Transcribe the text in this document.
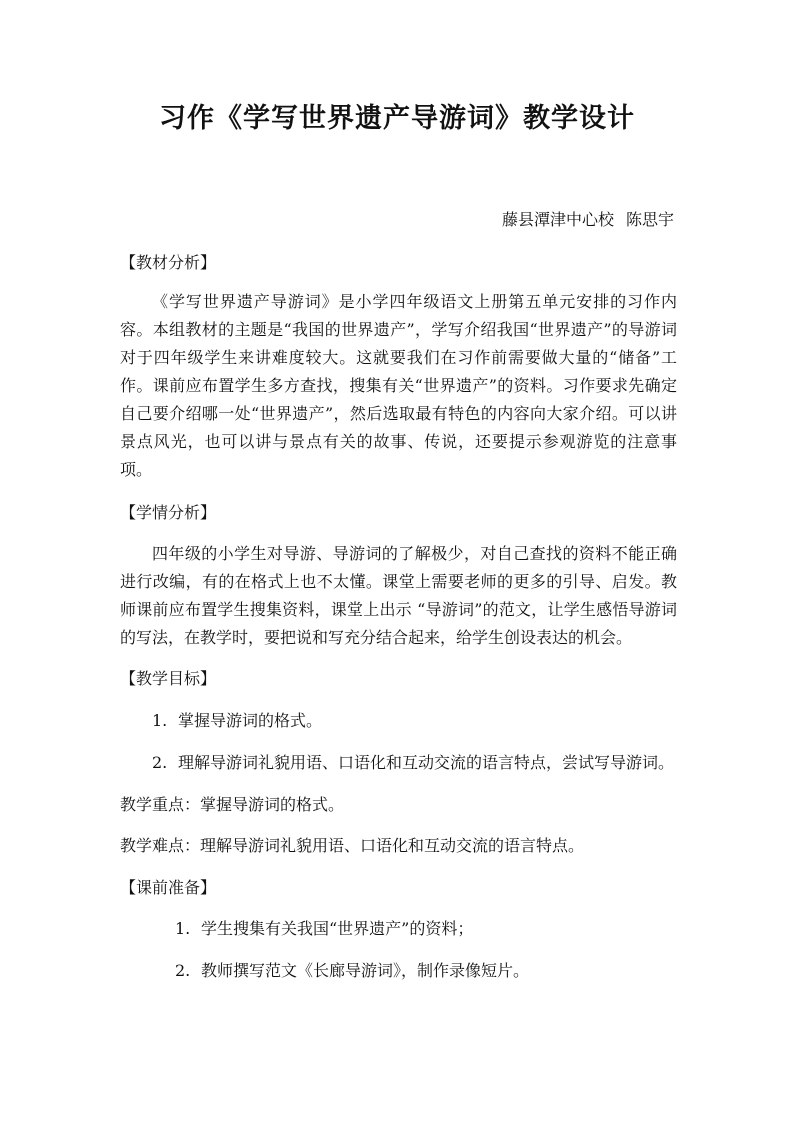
习作《学写世界遗产导游词》教学设计
藤县潭津中心校 陈思宇
【教材分析】
《学写世界遗产导游词》是小学四年级语文上册第五单元安排的习作内容。本组教材的主题是“我国的世界遗产”，学写介绍我国“世界遗产”的导游词对于四年级学生来讲难度较大。这就要我们在习作前需要做大量的“储备”工作。课前应布置学生多方查找，搜集有关“世界遗产”的资料。习作要求先确定自己要介绍哪一处“世界遗产”，然后选取最有特色的内容向大家介绍。可以讲景点风光，也可以讲与景点有关的故事、传说，还要提示参观游览的注意事项。
【学情分析】
四年级的小学生对导游、导游词的了解极少，对自己查找的资料不能正确进行改编，有的在格式上也不太懂。课堂上需要老师的更多的引导、启发。教师课前应布置学生搜集资料，课堂上出示 “导游词”的范文，让学生感悟导游词的写法，在教学时，要把说和写充分结合起来，给学生创设表达的机会。
【教学目标】
1. 掌握导游词的格式。
2. 理解导游词礼貌用语、口语化和互动交流的语言特点，尝试写导游词。
教学重点：掌握导游词的格式。
教学难点：理解导游词礼貌用语、口语化和互动交流的语言特点。
【课前准备】
1. 学生搜集有关我国“世界遗产”的资料；
2. 教师撰写范文《长廊导游词》，制作录像短片。
